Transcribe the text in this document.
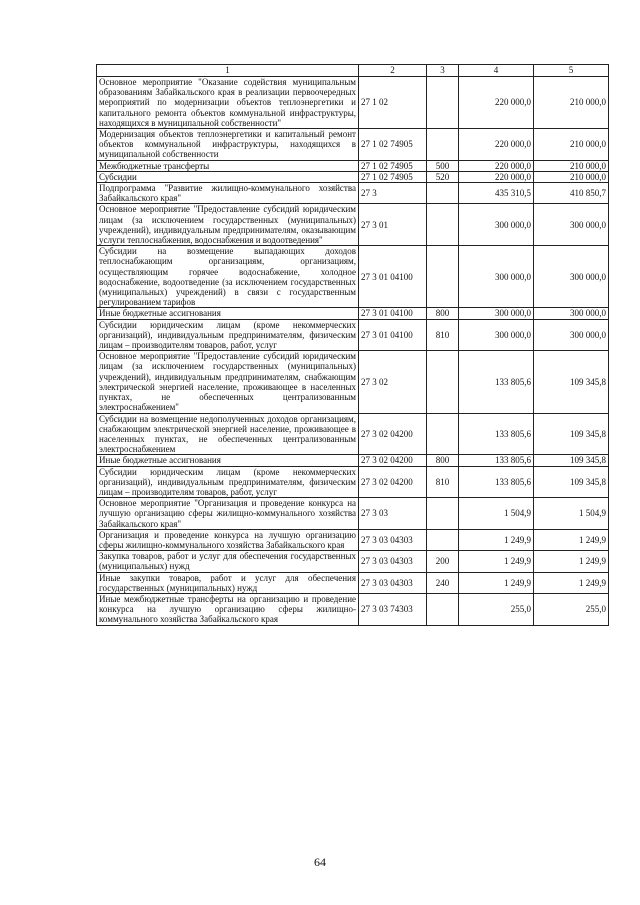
1	2	3	4	5
Основное мероприятие "Оказание содействия муниципальным образованиям Забайкальского края в реализации первоочередных мероприятий по модернизации объектов теплоэнергетики и капитального ремонта объектов коммунальной инфраструктуры, находящихся в муниципальной собственности"	27 1 02		220 000,0	210 000,0
Модернизация объектов теплоэнергетики и капитальный ремонт объектов коммунальной инфраструктуры, находящихся в муниципальной собственности	27 1 02 74905		220 000,0	210 000,0
Межбюджетные трансферты	27 1 02 74905	500	220 000,0	210 000,0
Субсидии	27 1 02 74905	520	220 000,0	210 000,0
Подпрограмма "Развитие жилищно-коммунального хозяйства Забайкальского края"	27 3		435 310,5	410 850,7
Основное мероприятие "Предоставление субсидий юридическим лицам (за исключением государственных (муниципальных) учреждений), индивидуальным предпринимателям, оказывающим услуги теплоснабжения, водоснабжения и водоотведения"	27 3 01		300 000,0	300 000,0
Субсидии на возмещение выпадающих доходов теплоснабжающим организациям, организациям, осуществляющим горячее водоснабжение, холодное водоснабжение, водоотведение (за исключением государственных (муниципальных) учреждений) в связи с государственным регулированием тарифов	27 3 01 04100		300 000,0	300 000,0
Иные бюджетные ассигнования	27 3 01 04100	800	300 000,0	300 000,0
Субсидии юридическим лицам (кроме некоммерческих организаций), индивидуальным предпринимателям, физическим лицам – производителям товаров, работ, услуг	27 3 01 04100	810	300 000,0	300 000,0
Основное мероприятие "Предоставление субсидий юридическим лицам (за исключением государственных (муниципальных) учреждений), индивидуальным предпринимателям, снабжающим электрической энергией население, проживающее в населенных пунктах, не обеспеченных централизованным электроснабжением"	27 3 02		133 805,6	109 345,8
Субсидии на возмещение недополученных доходов организациям, снабжающим электрической энергией население, проживающее в населенных пунктах, не обеспеченных централизованным электроснабжением	27 3 02 04200		133 805,6	109 345,8
Иные бюджетные ассигнования	27 3 02 04200	800	133 805,6	109 345,8
Субсидии юридическим лицам (кроме некоммерческих организаций), индивидуальным предпринимателям, физическим лицам – производителям товаров, работ, услуг	27 3 02 04200	810	133 805,6	109 345,8
Основное мероприятие "Организация и проведение конкурса на лучшую организацию сферы жилищно-коммунального хозяйства Забайкальского края"	27 3 03		1 504,9	1 504,9
Организация и проведение конкурса на лучшую организацию сферы жилищно-коммунального хозяйства Забайкальского края	27 3 03 04303		1 249,9	1 249,9
Закупка товаров, работ и услуг для обеспечения государственных (муниципальных) нужд	27 3 03 04303	200	1 249,9	1 249,9
Иные закупки товаров, работ и услуг для обеспечения государственных (муниципальных) нужд	27 3 03 04303	240	1 249,9	1 249,9
Иные межбюджетные трансферты на организацию и проведение конкурса на лучшую организацию сферы жилищно-коммунального хозяйства Забайкальского края	27 3 03 74303		255,0	255,0
64
